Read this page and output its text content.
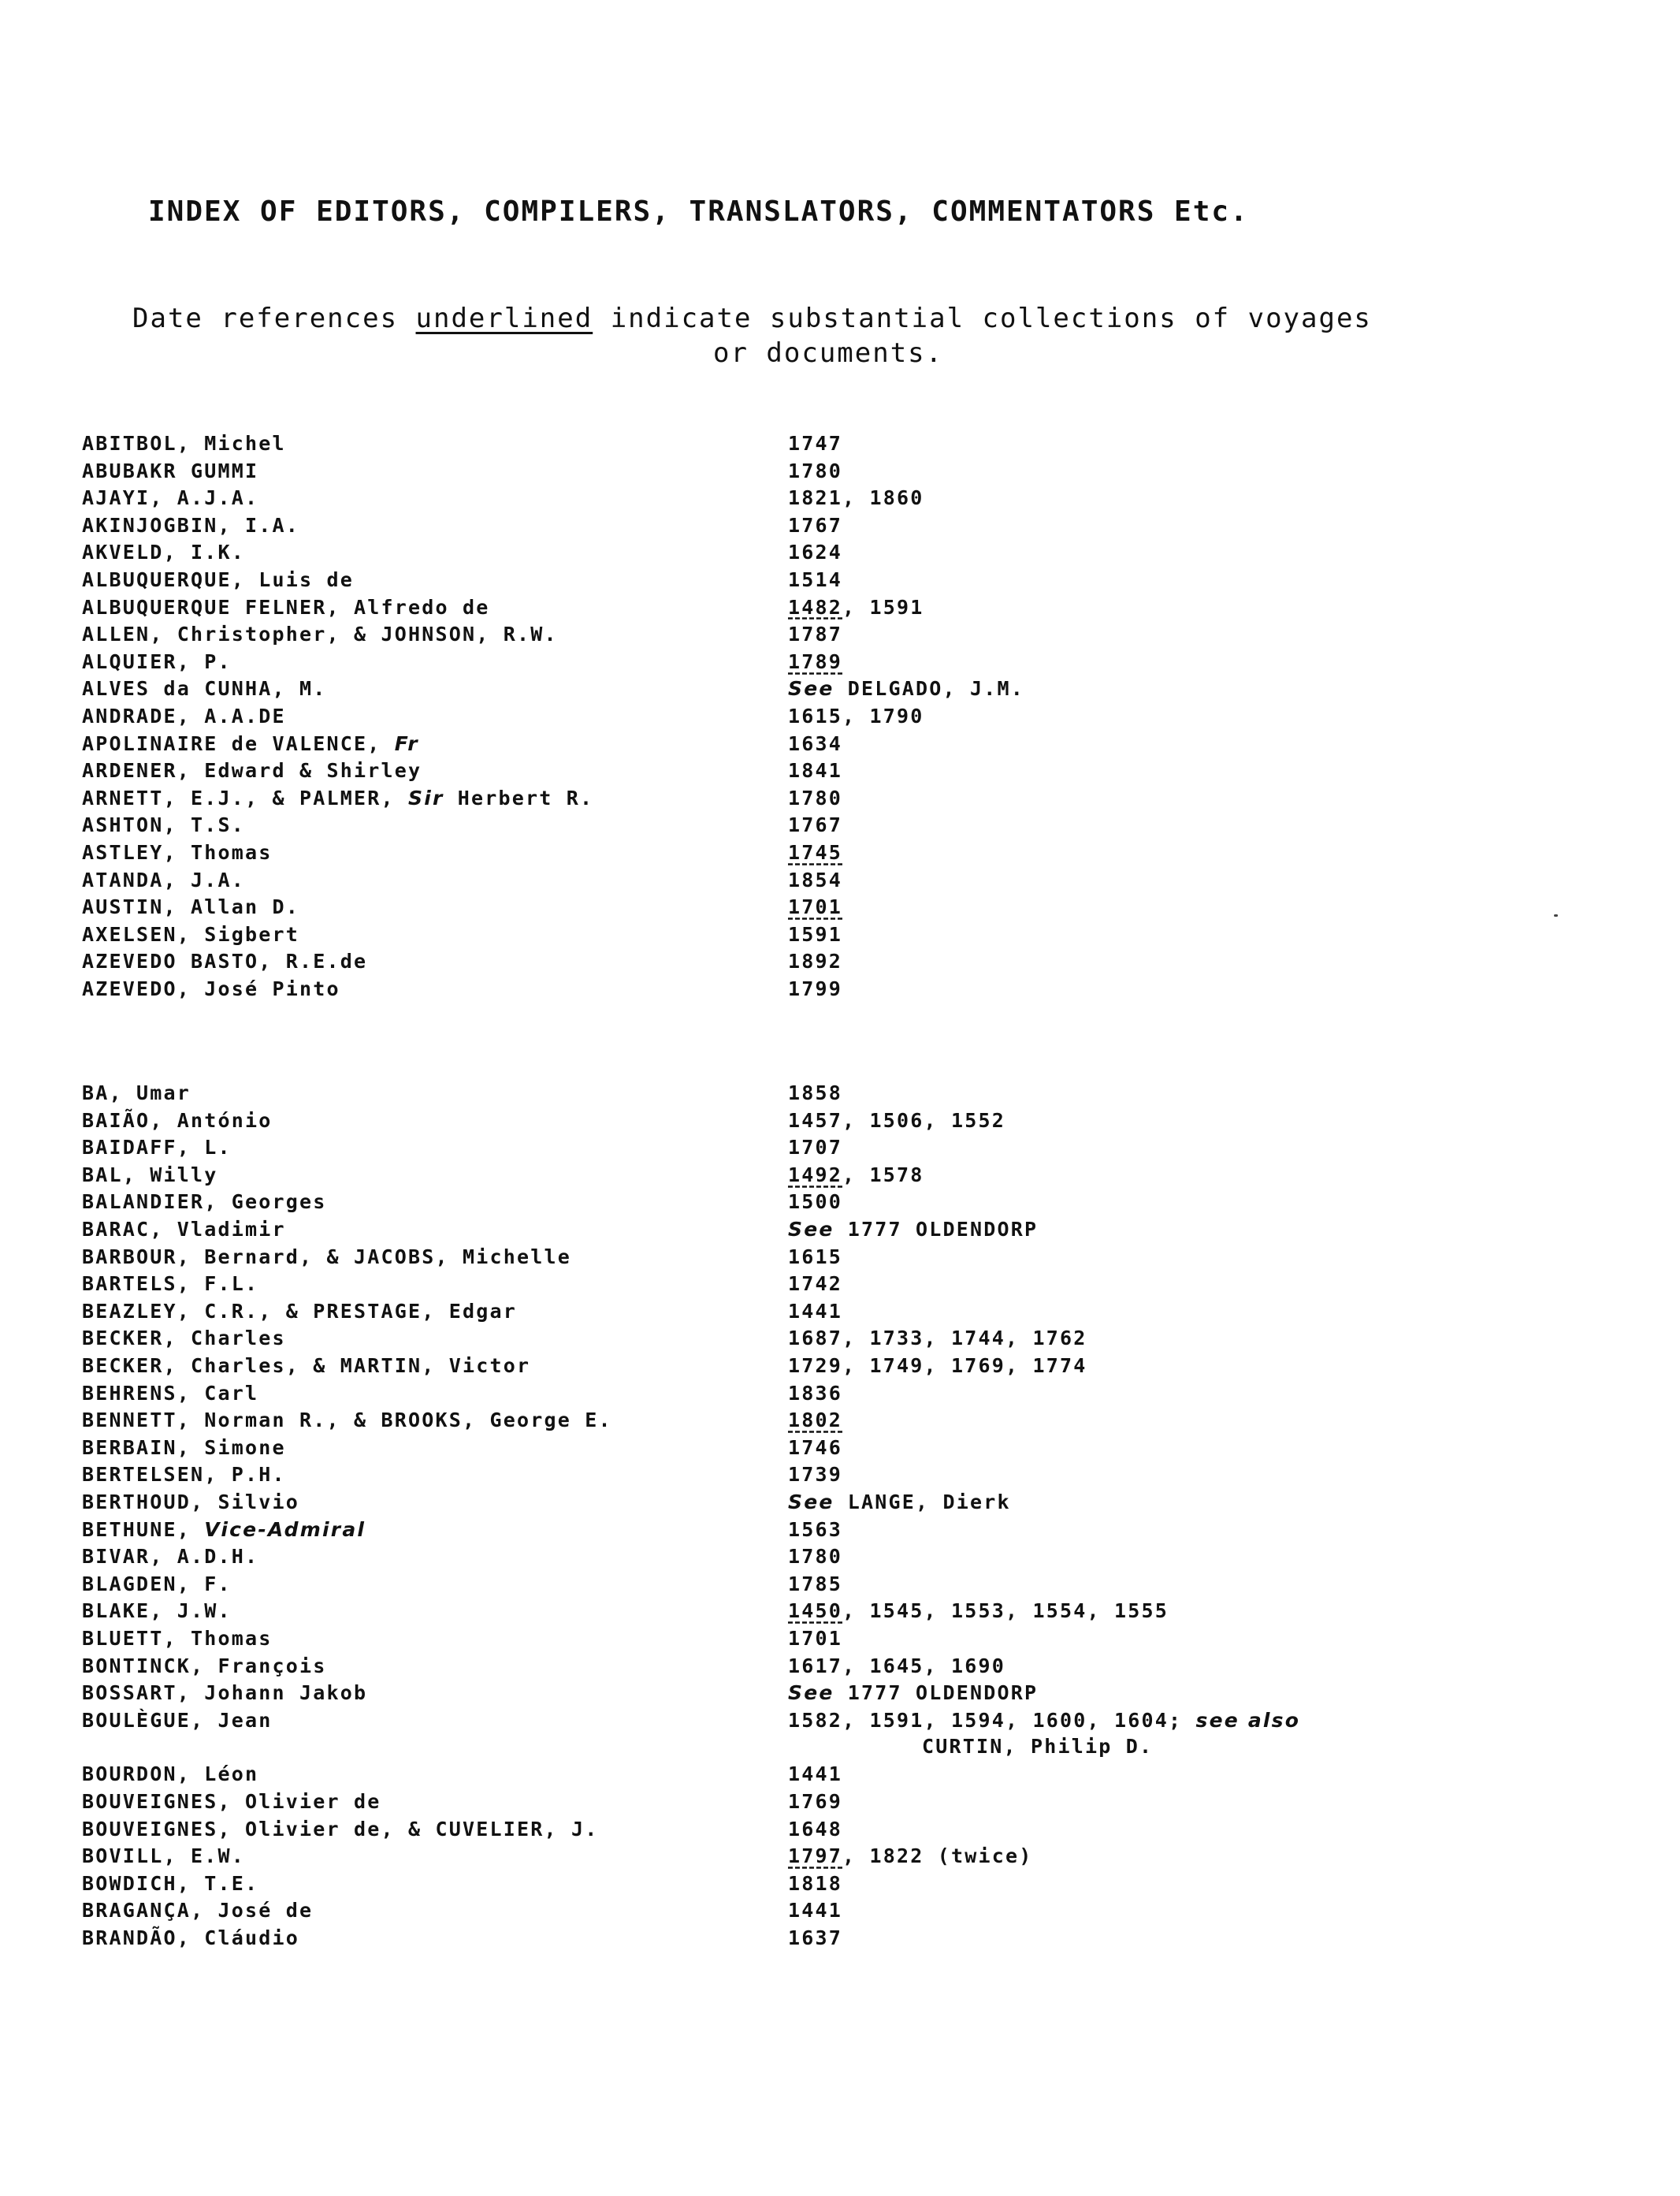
INDEX OF EDITORS, COMPILERS, TRANSLATORS, COMMENTATORS Etc.
Date references underlined indicate substantial collections of voyages
or documents.
ABITBOL, Michel	1747
ABUBAKR GUMMI	1780
AJAYI, A.J.A.	1821, 1860
AKINJOGBIN, I.A.	1767
AKVELD, I.K.	1624
ALBUQUERQUE, Luis de	1514
ALBUQUERQUE FELNER, Alfredo de	1482, 1591
ALLEN, Christopher, & JOHNSON, R.W.	1787
ALQUIER, P.	1789
ALVES da CUNHA, M.	See DELGADO, J.M.
ANDRADE, A.A.DE	1615, 1790
APOLINAIRE de VALENCE, Fr	1634
ARDENER, Edward & Shirley	1841
ARNETT, E.J., & PALMER, Sir Herbert R.	1780
ASHTON, T.S.	1767
ASTLEY, Thomas	1745
ATANDA, J.A.	1854
AUSTIN, Allan D.	1701
AXELSEN, Sigbert	1591
AZEVEDO BASTO, R.E.de	1892
AZEVEDO, José Pinto	1799
BA, Umar	1858
BAIÃO, António	1457, 1506, 1552
BAIDAFF, L.	1707
BAL, Willy	1492, 1578
BALANDIER, Georges	1500
BARAC, Vladimir	See 1777 OLDENDORP
BARBOUR, Bernard, & JACOBS, Michelle	1615
BARTELS, F.L.	1742
BEAZLEY, C.R., & PRESTAGE, Edgar	1441
BECKER, Charles	1687, 1733, 1744, 1762
BECKER, Charles, & MARTIN, Victor	1729, 1749, 1769, 1774
BEHRENS, Carl	1836
BENNETT, Norman R., & BROOKS, George E.	1802
BERBAIN, Simone	1746
BERTELSEN, P.H.	1739
BERTHOUD, Silvio	See LANGE, Dierk
BETHUNE, Vice-Admiral	1563
BIVAR, A.D.H.	1780
BLAGDEN, F.	1785
BLAKE, J.W.	1450, 1545, 1553, 1554, 1555
BLUETT, Thomas	1701
BONTINCK, François	1617, 1645, 1690
BOSSART, Johann Jakob	See 1777 OLDENDORP
BOULÈGUE, Jean	1582, 1591, 1594, 1600, 1604; see also
CURTIN, Philip D.
BOURDON, Léon	1441
BOUVEIGNES, Olivier de	1769
BOUVEIGNES, Olivier de, & CUVELIER, J.	1648
BOVILL, E.W.	1797, 1822 (twice)
BOWDICH, T.E.	1818
BRAGANÇA, José de	1441
BRANDÃO, Cláudio	1637
